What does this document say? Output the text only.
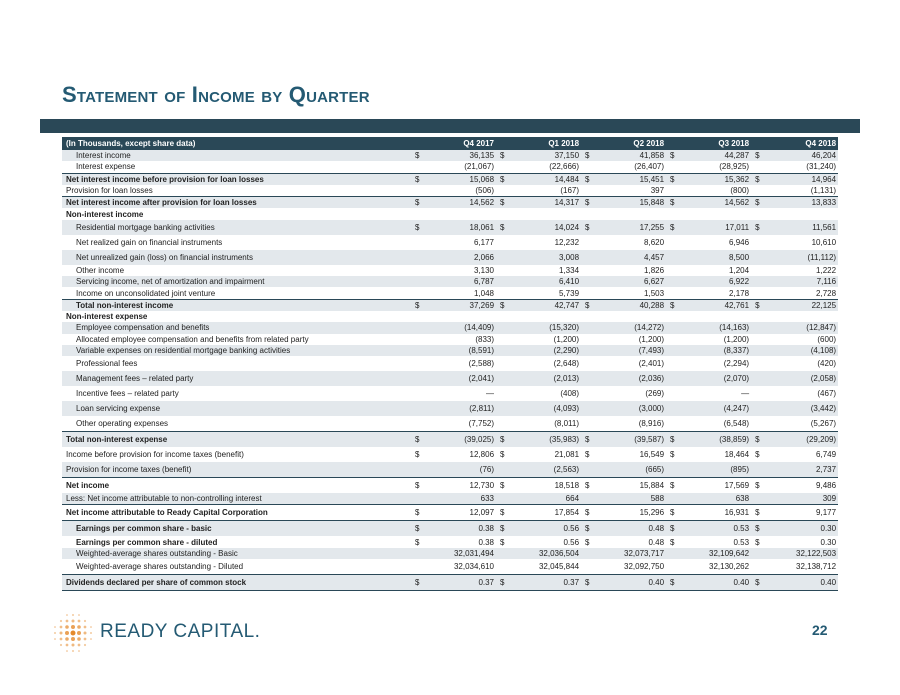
Statement of Income by Quarter
(In Thousands, except share data)	Q4 2017		Q1 2018		Q2 2018		Q3 2018		Q4 2018	
Interest income	$	36,135	$	37,150	$	41,858	$	44,287	$	46,204
Interest expense		(21,067)		(22,666)		(26,407)		(28,925)		(31,240)
Net interest income before provision for loan losses	$	15,068	$	14,484	$	15,451	$	15,362	$	14,964
Provision for loan losses		(506)		(167)		397		(800)		(1,131)
Net interest income after provision for loan losses	$	14,562	$	14,317	$	15,848	$	14,562	$	13,833
Non-interest income										
Residential mortgage banking activities	$	18,061	$	14,024	$	17,255	$	17,011	$	11,561
Net realized gain on financial instruments		6,177		12,232		8,620		6,946		10,610
Net unrealized gain (loss) on financial instruments		2,066		3,008		4,457		8,500		(11,112)
Other income		3,130		1,334		1,826		1,204		1,222
Servicing income, net of amortization and impairment		6,787		6,410		6,627		6,922		7,116
Income on unconsolidated joint venture		1,048		5,739		1,503		2,178		2,728
Total non-interest income	$	37,269	$	42,747	$	40,288	$	42,761	$	22,125
Non-interest expense										
Employee compensation and benefits		(14,409)		(15,320)		(14,272)		(14,163)		(12,847)
Allocated employee compensation and benefits from related party		(833)		(1,200)		(1,200)		(1,200)		(600)
Variable expenses on residential mortgage banking activities		(8,591)		(2,290)		(7,493)		(8,337)		(4,108)
Professional fees		(2,588)		(2,648)		(2,401)		(2,294)		(420)
Management fees – related party		(2,041)		(2,013)		(2,036)		(2,070)		(2,058)
Incentive fees – related party		—		(408)		(269)		—		(467)
Loan servicing expense		(2,811)		(4,093)		(3,000)		(4,247)		(3,442)
Other operating expenses		(7,752)		(8,011)		(8,916)		(6,548)		(5,267)
Total non-interest expense	$	(39,025)	$	(35,983)	$	(39,587)	$	(38,859)	$	(29,209)
Income before provision for income taxes (benefit)	$	12,806	$	21,081	$	16,549	$	18,464	$	6,749
Provision for income taxes (benefit)		(76)		(2,563)		(665)		(895)		2,737
Net income	$	12,730	$	18,518	$	15,884	$	17,569	$	9,486
Less: Net income attributable to non-controlling interest		633		664		588		638		309
Net income attributable to Ready Capital Corporation	$	12,097	$	17,854	$	15,296	$	16,931	$	9,177
Earnings per common share - basic	$	0.38	$	0.56	$	0.48	$	0.53	$	0.30
Earnings per common share - diluted	$	0.38	$	0.56	$	0.48	$	0.53	$	0.30
Weighted-average shares outstanding - Basic		32,031,494		32,036,504		32,073,717		32,109,642		32,122,503
Weighted-average shares outstanding - Diluted		32,034,610		32,045,844		32,092,750		32,130,262		32,138,712
Dividends declared per share of common stock	$	0.37	$	0.37	$	0.40	$	0.40	$	0.40
READY CAPITAL.	22
